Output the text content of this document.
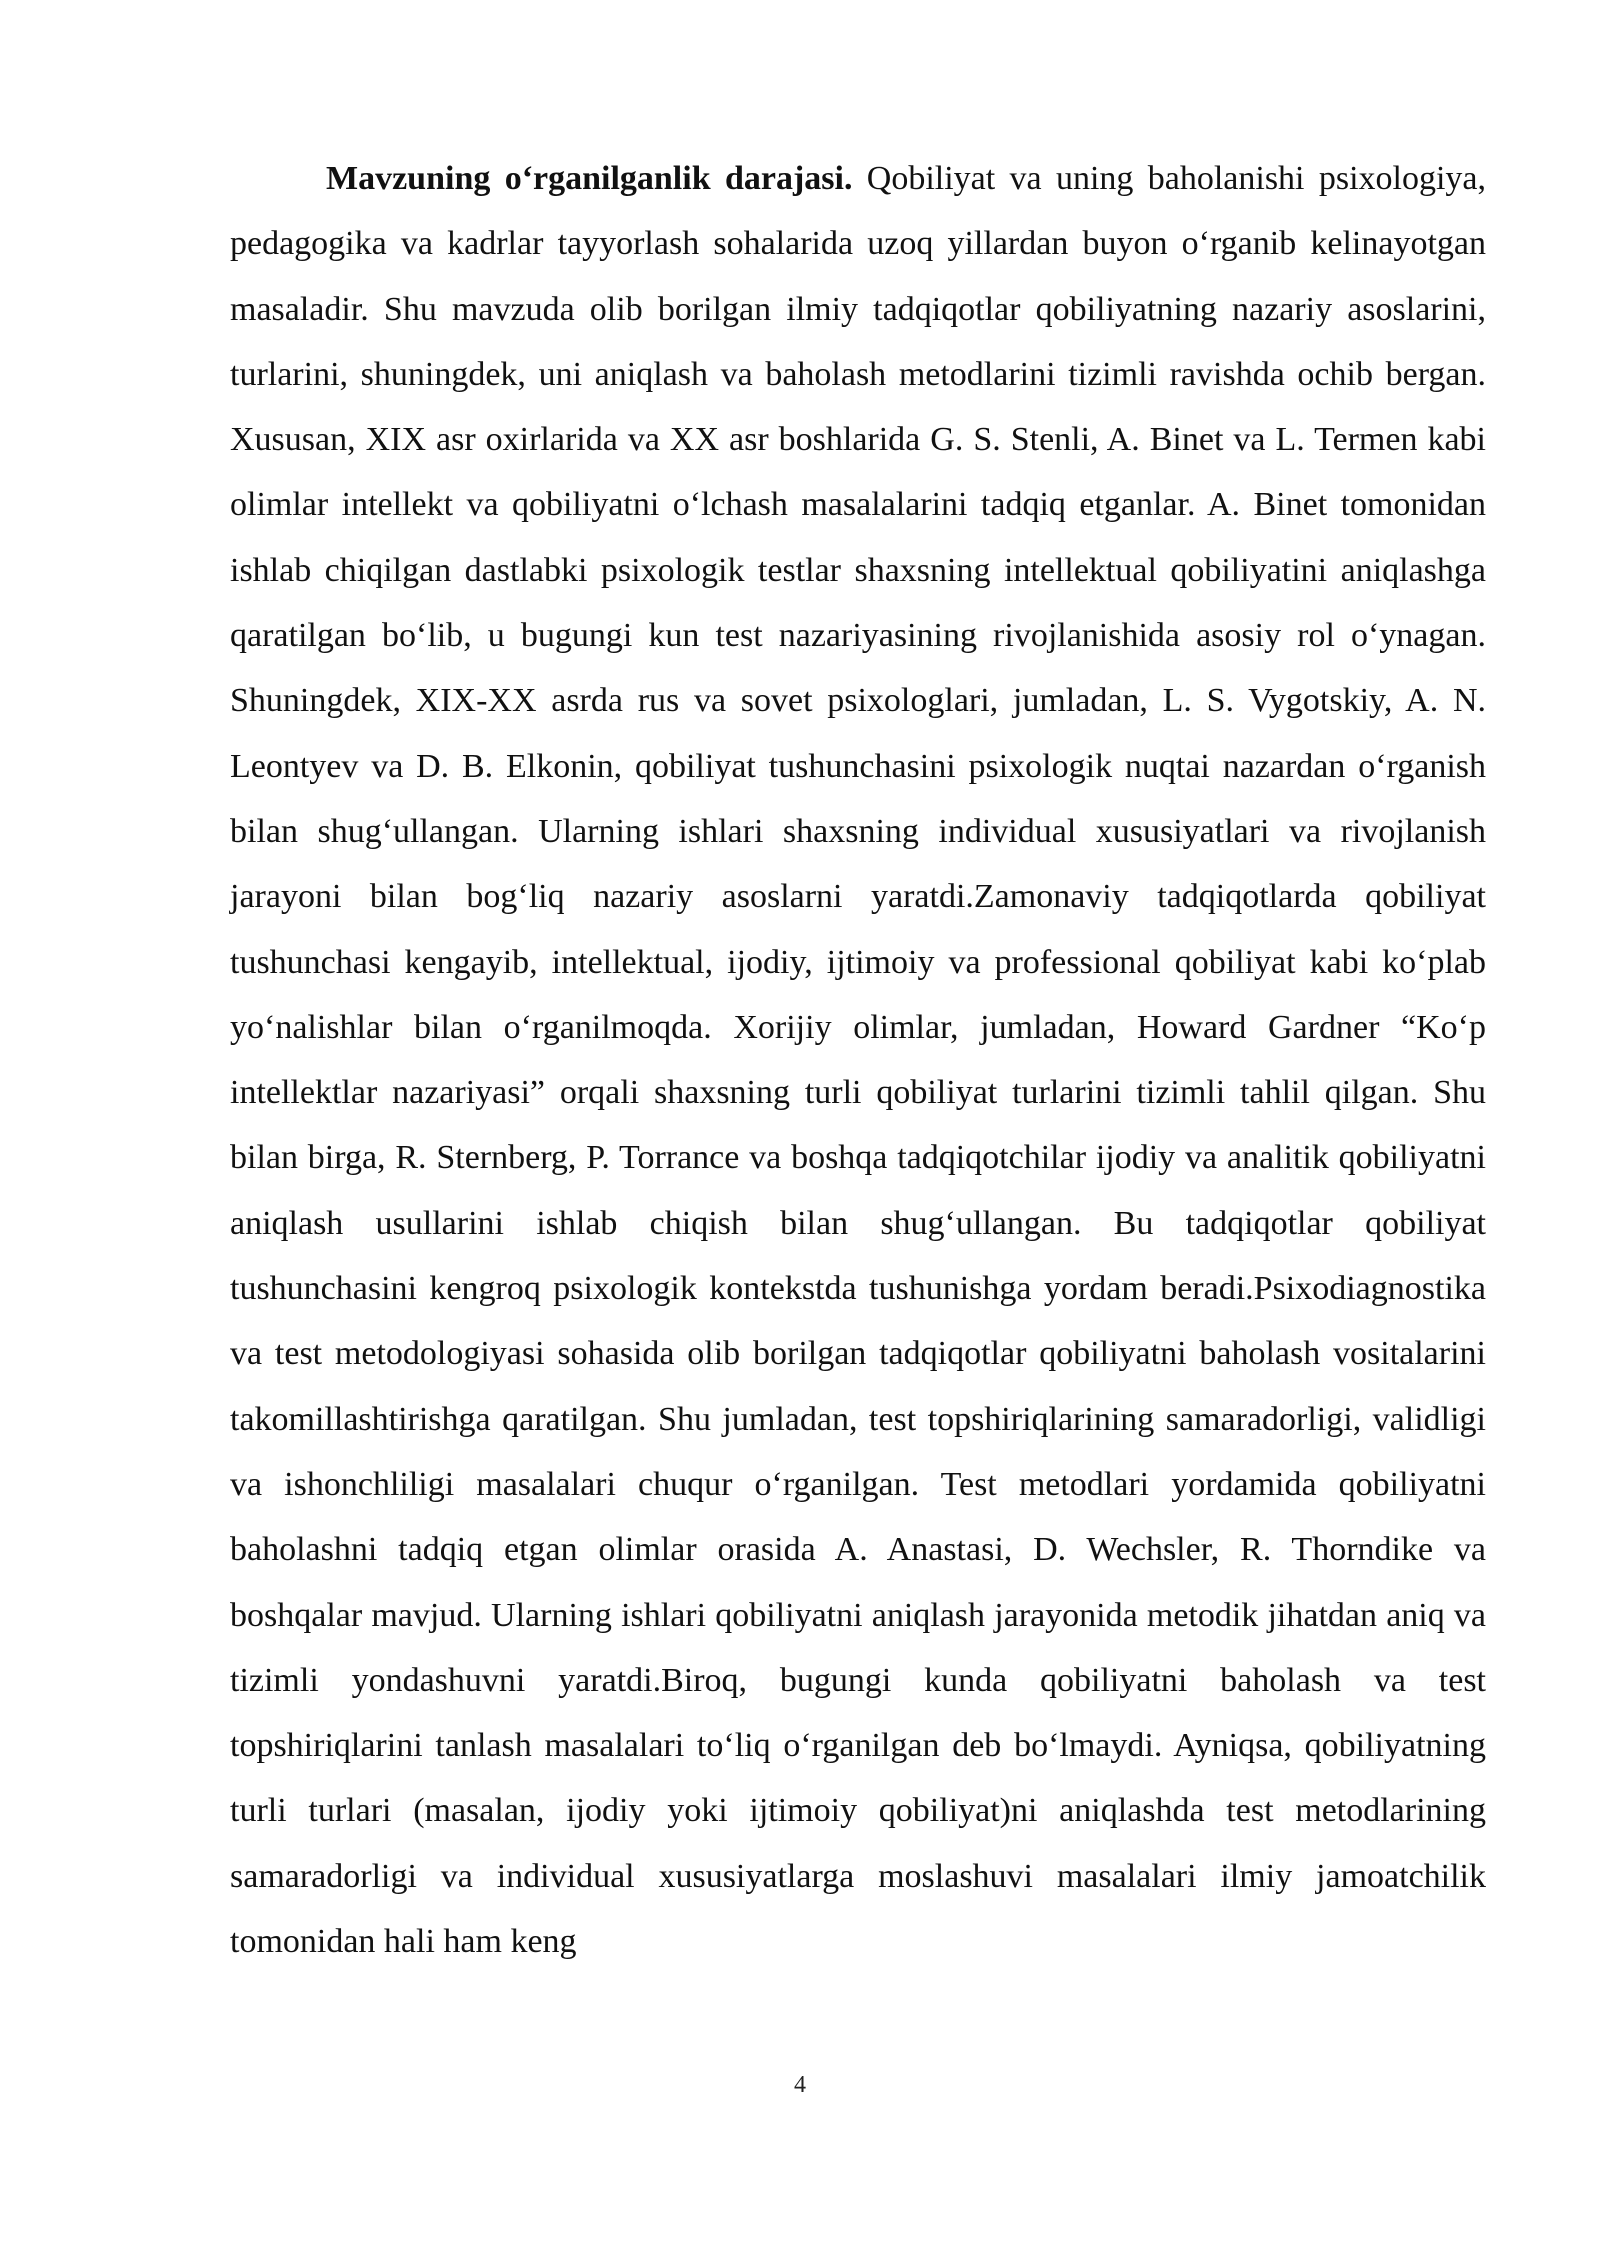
Mavzuning o‘rganilganlik darajasi. Qobiliyat va uning baholanishi psixologiya, pedagogika va kadrlar tayyorlash sohalarida uzoq yillardan buyon o‘rganib kelinayotgan masaladir. Shu mavzuda olib borilgan ilmiy tadqiqotlar qobiliyatning nazariy asoslarini, turlarini, shuningdek, uni aniqlash va baholash metodlarini tizimli ravishda ochib bergan. Xususan, XIX asr oxirlarida va XX asr boshlarida G. S. Stenli, A. Binet va L. Termen kabi olimlar intellekt va qobiliyatni o‘lchash masalalarini tadqiq etganlar. A. Binet tomonidan ishlab chiqilgan dastlabki psixologik testlar shaxsning intellektual qobiliyatini aniqlashga qaratilgan bo‘lib, u bugungi kun test nazariyasining rivojlanishida asosiy rol o‘ynagan. Shuningdek, XIX-XX asrda rus va sovet psixologlari, jumladan, L. S. Vygotskiy, A. N. Leontyev va D. B. Elkonin, qobiliyat tushunchasini psixologik nuqtai nazardan o‘rganish bilan shug‘ullangan. Ularning ishlari shaxsning individual xususiyatlari va rivojlanish jarayoni bilan bog‘liq nazariy asoslarni yaratdi.Zamonaviy tadqiqotlarda qobiliyat tushunchasi kengayib, intellektual, ijodiy, ijtimoiy va professional qobiliyat kabi ko‘plab yo‘nalishlar bilan o‘rganilmoqda. Xorijiy olimlar, jumladan, Howard Gardner “Ko‘p intellektlar nazariyasi” orqali shaxsning turli qobiliyat turlarini tizimli tahlil qilgan. Shu bilan birga, R. Sternberg, P. Torrance va boshqa tadqiqotchilar ijodiy va analitik qobiliyatni aniqlash usullarini ishlab chiqish bilan shug‘ullangan. Bu tadqiqotlar qobiliyat tushunchasini kengroq psixologik kontekstda tushunishga yordam beradi.Psixodiagnostika va test metodologiyasi sohasida olib borilgan tadqiqotlar qobiliyatni baholash vositalarini takomillashtirishga qaratilgan. Shu jumladan, test topshiriqlarining samaradorligi, validligi va ishonchliligi masalalari chuqur o‘rganilgan. Test metodlari yordamida qobiliyatni baholashni tadqiq etgan olimlar orasida A. Anastasi, D. Wechsler, R. Thorndike va boshqalar mavjud. Ularning ishlari qobiliyatni aniqlash jarayonida metodik jihatdan aniq va tizimli yondashuvni yaratdi.Biroq, bugungi kunda qobiliyatni baholash va test topshiriqlarini tanlash masalalari to‘liq o‘rganilgan deb bo‘lmaydi. Ayniqsa, qobiliyatning turli turlari (masalan, ijodiy yoki ijtimoiy qobiliyat)ni aniqlashda test metodlarining samaradorligi va individual xususiyatlarga moslashuvi masalalari ilmiy jamoatchilik tomonidan hali ham keng

4
